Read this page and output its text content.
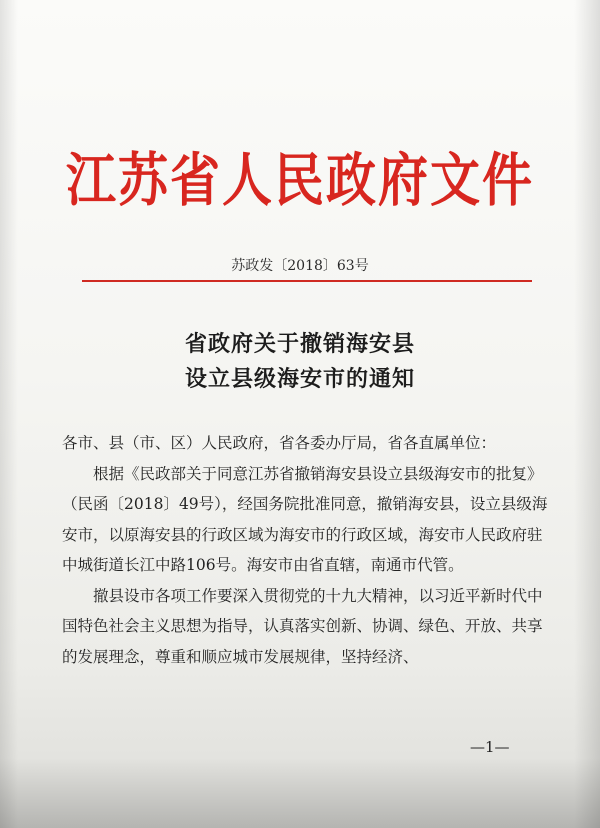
江苏省人民政府文件
苏政发〔2018〕63号
省政府关于撤销海安县
设立县级海安市的通知

各市、县（市、区）人民政府，省各委办厅局，省各直属单位：

根据《民政部关于同意江苏省撤销海安县设立县级海安市的批复》（民函〔2018〕49号），经国务院批准同意，撤销海安县，设立县级海安市，以原海安县的行政区域为海安市的行政区域，海安市人民政府驻中城街道长江中路106号。海安市由省直辖，南通市代管。

撤县设市各项工作要深入贯彻党的十九大精神，以习近平新时代中国特色社会主义思想为指导，认真落实创新、协调、绿色、开放、共享的发展理念，尊重和顺应城市发展规律，坚持经济、

—1—
